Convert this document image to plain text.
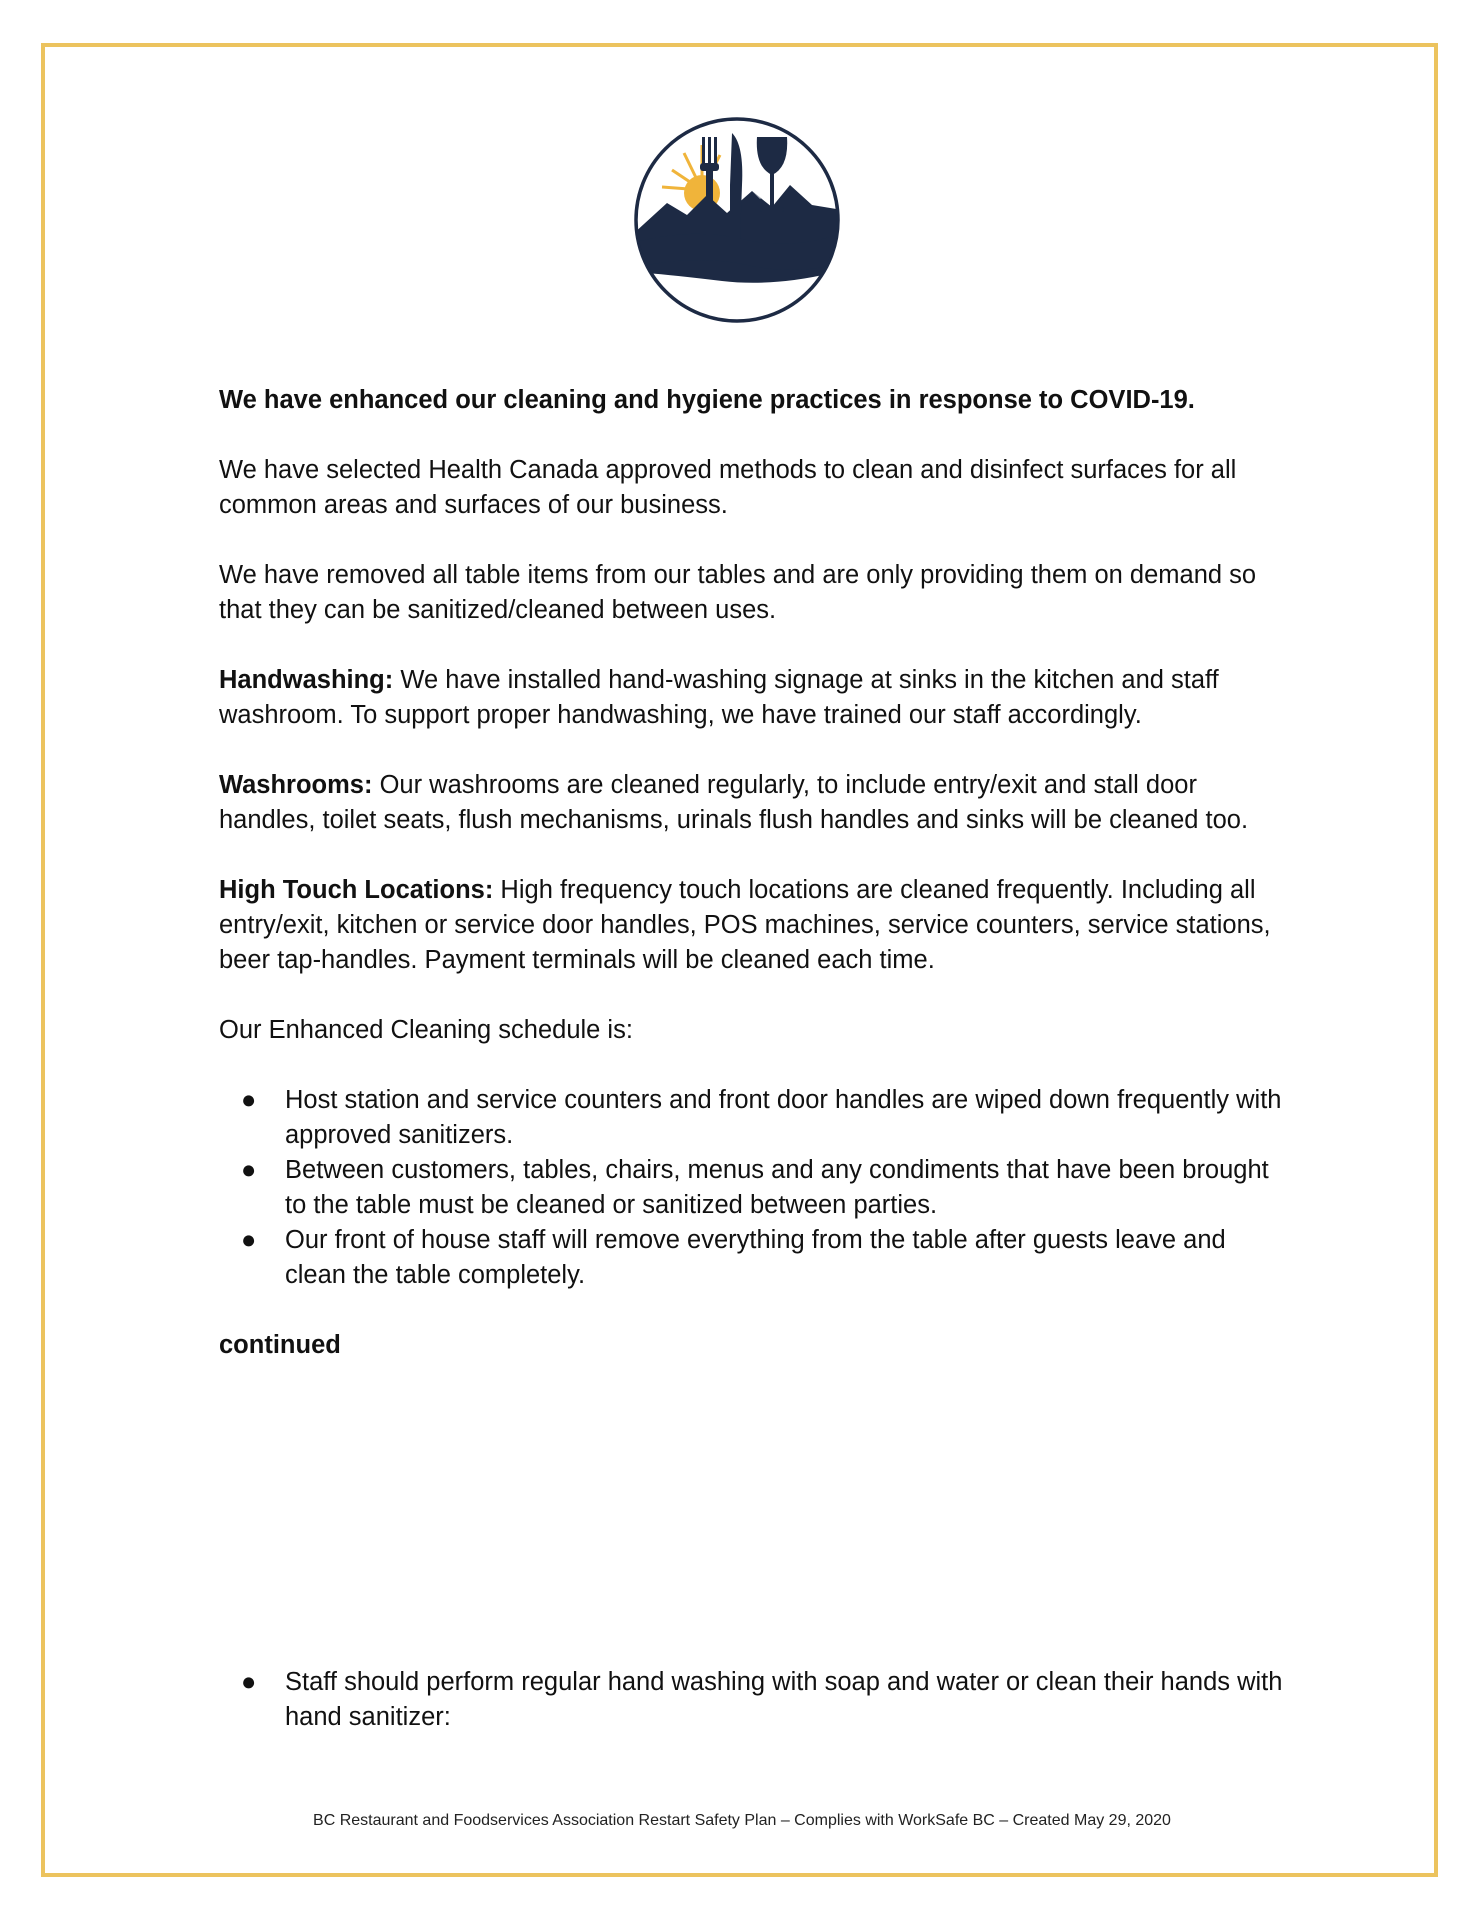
We have enhanced our cleaning and hygiene practices in response to COVID-19.

We have selected Health Canada approved methods to clean and disinfect surfaces for all common areas and surfaces of our business.

We have removed all table items from our tables and are only providing them on demand so that they can be sanitized/cleaned between uses.

Handwashing: We have installed hand-washing signage at sinks in the kitchen and staff washroom. To support proper handwashing, we have trained our staff accordingly.

Washrooms: Our washrooms are cleaned regularly, to include entry/exit and stall door handles, toilet seats, flush mechanisms, urinals flush handles and sinks will be cleaned too.

High Touch Locations: High frequency touch locations are cleaned frequently. Including all entry/exit, kitchen or service door handles, POS machines, service counters, service stations, beer tap-handles. Payment terminals will be cleaned each time.

Our Enhanced Cleaning schedule is:

● Host station and service counters and front door handles are wiped down frequently with approved sanitizers.
● Between customers, tables, chairs, menus and any condiments that have been brought to the table must be cleaned or sanitized between parties.
● Our front of house staff will remove everything from the table after guests leave and clean the table completely.

continued

● Staff should perform regular hand washing with soap and water or clean their hands with hand sanitizer:
BC Restaurant and Foodservices Association Restart Safety Plan – Complies with WorkSafe BC – Created May 29, 2020
